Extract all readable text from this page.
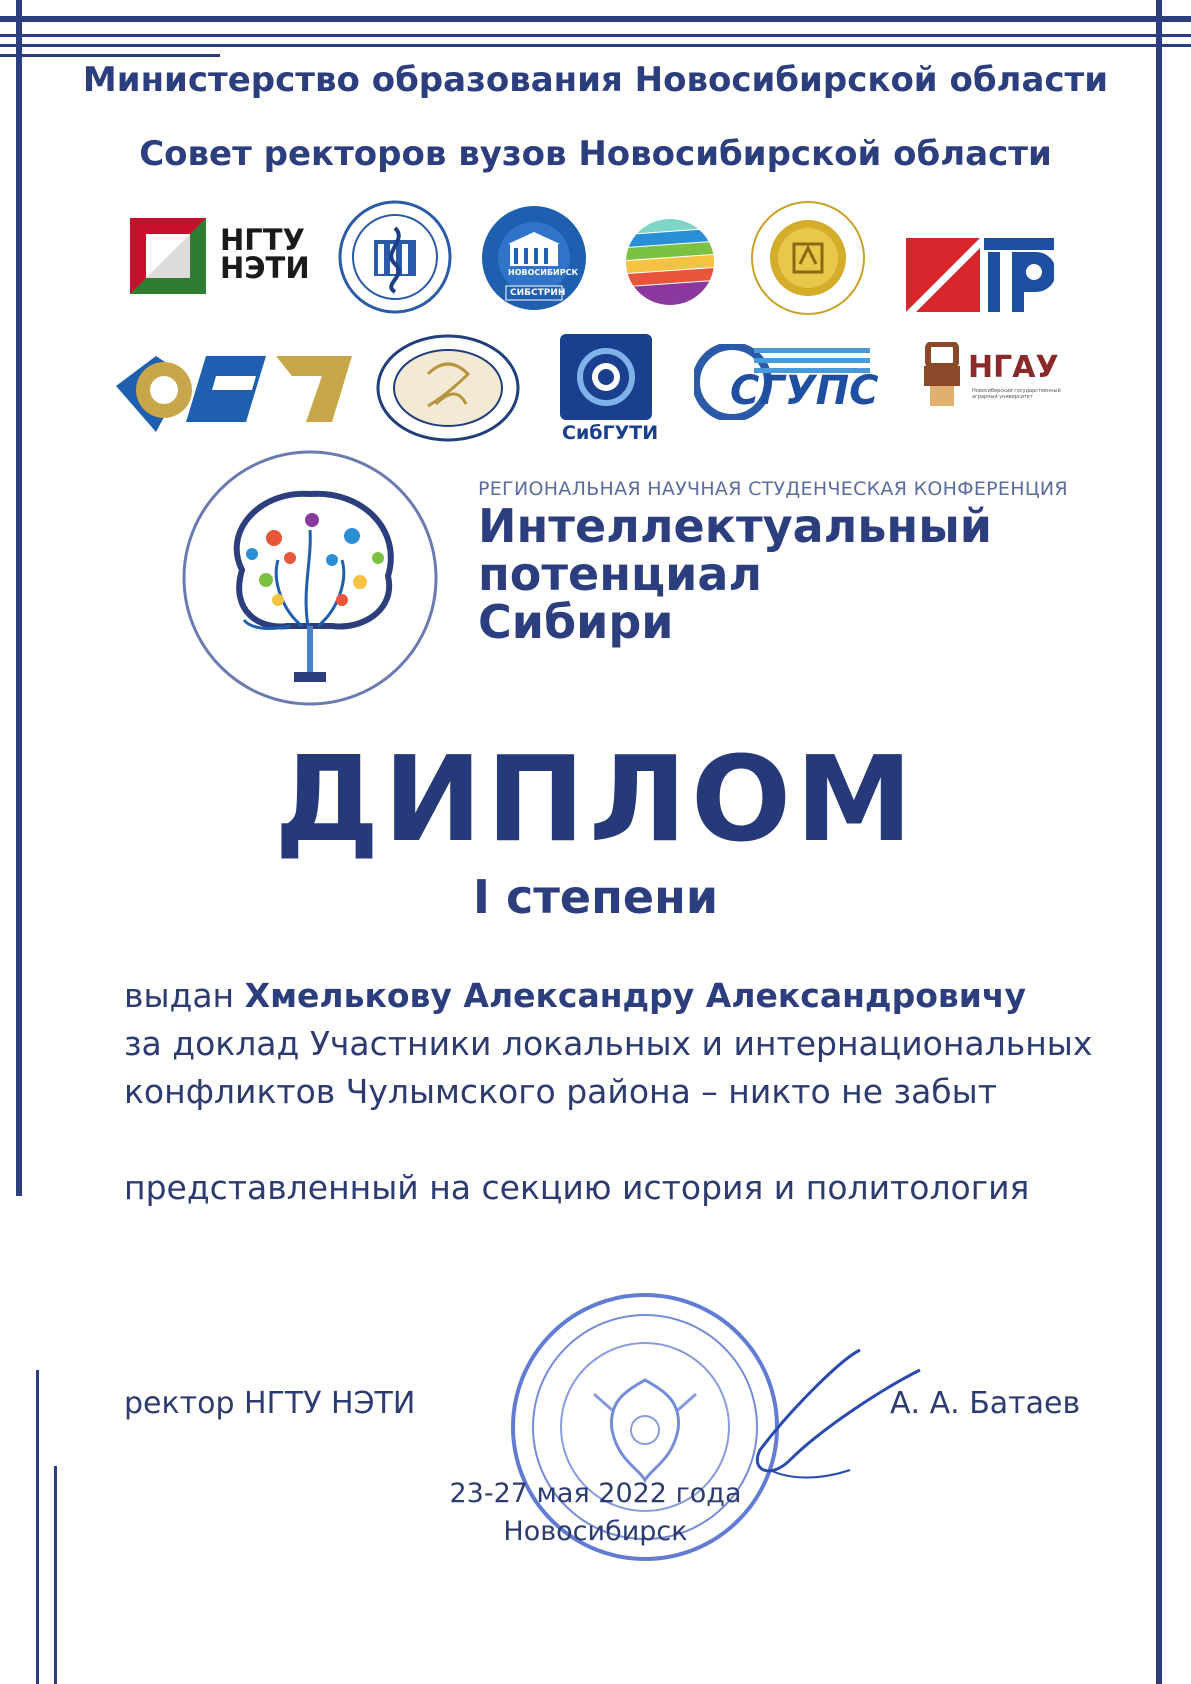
Министерство образования Новосибирской области
Совет ректоров вузов Новосибирской области
НГТУ
НЭТИ	НОВОСИБИРСК
СИБСТРИН
СибГУТИ
СГУПС
НГАУ
Новосибирский государственный аграрный университет
РЕГИОНАЛЬНАЯ НАУЧНАЯ СТУДЕНЧЕСКАЯ КОНФЕРЕНЦИЯ
Интеллектуальный
потенциал
Сибири
ДИПЛОМ
I степени
выдан Хмелькову Александру Александровичу
за доклад Участники локальных и интернациональных
конфликтов Чулымского района – никто не забыт
представленный на секцию история и политология
ректор НГТУ НЭТИ	А. А. Батаев
23-27 мая 2022 года
Новосибирск
